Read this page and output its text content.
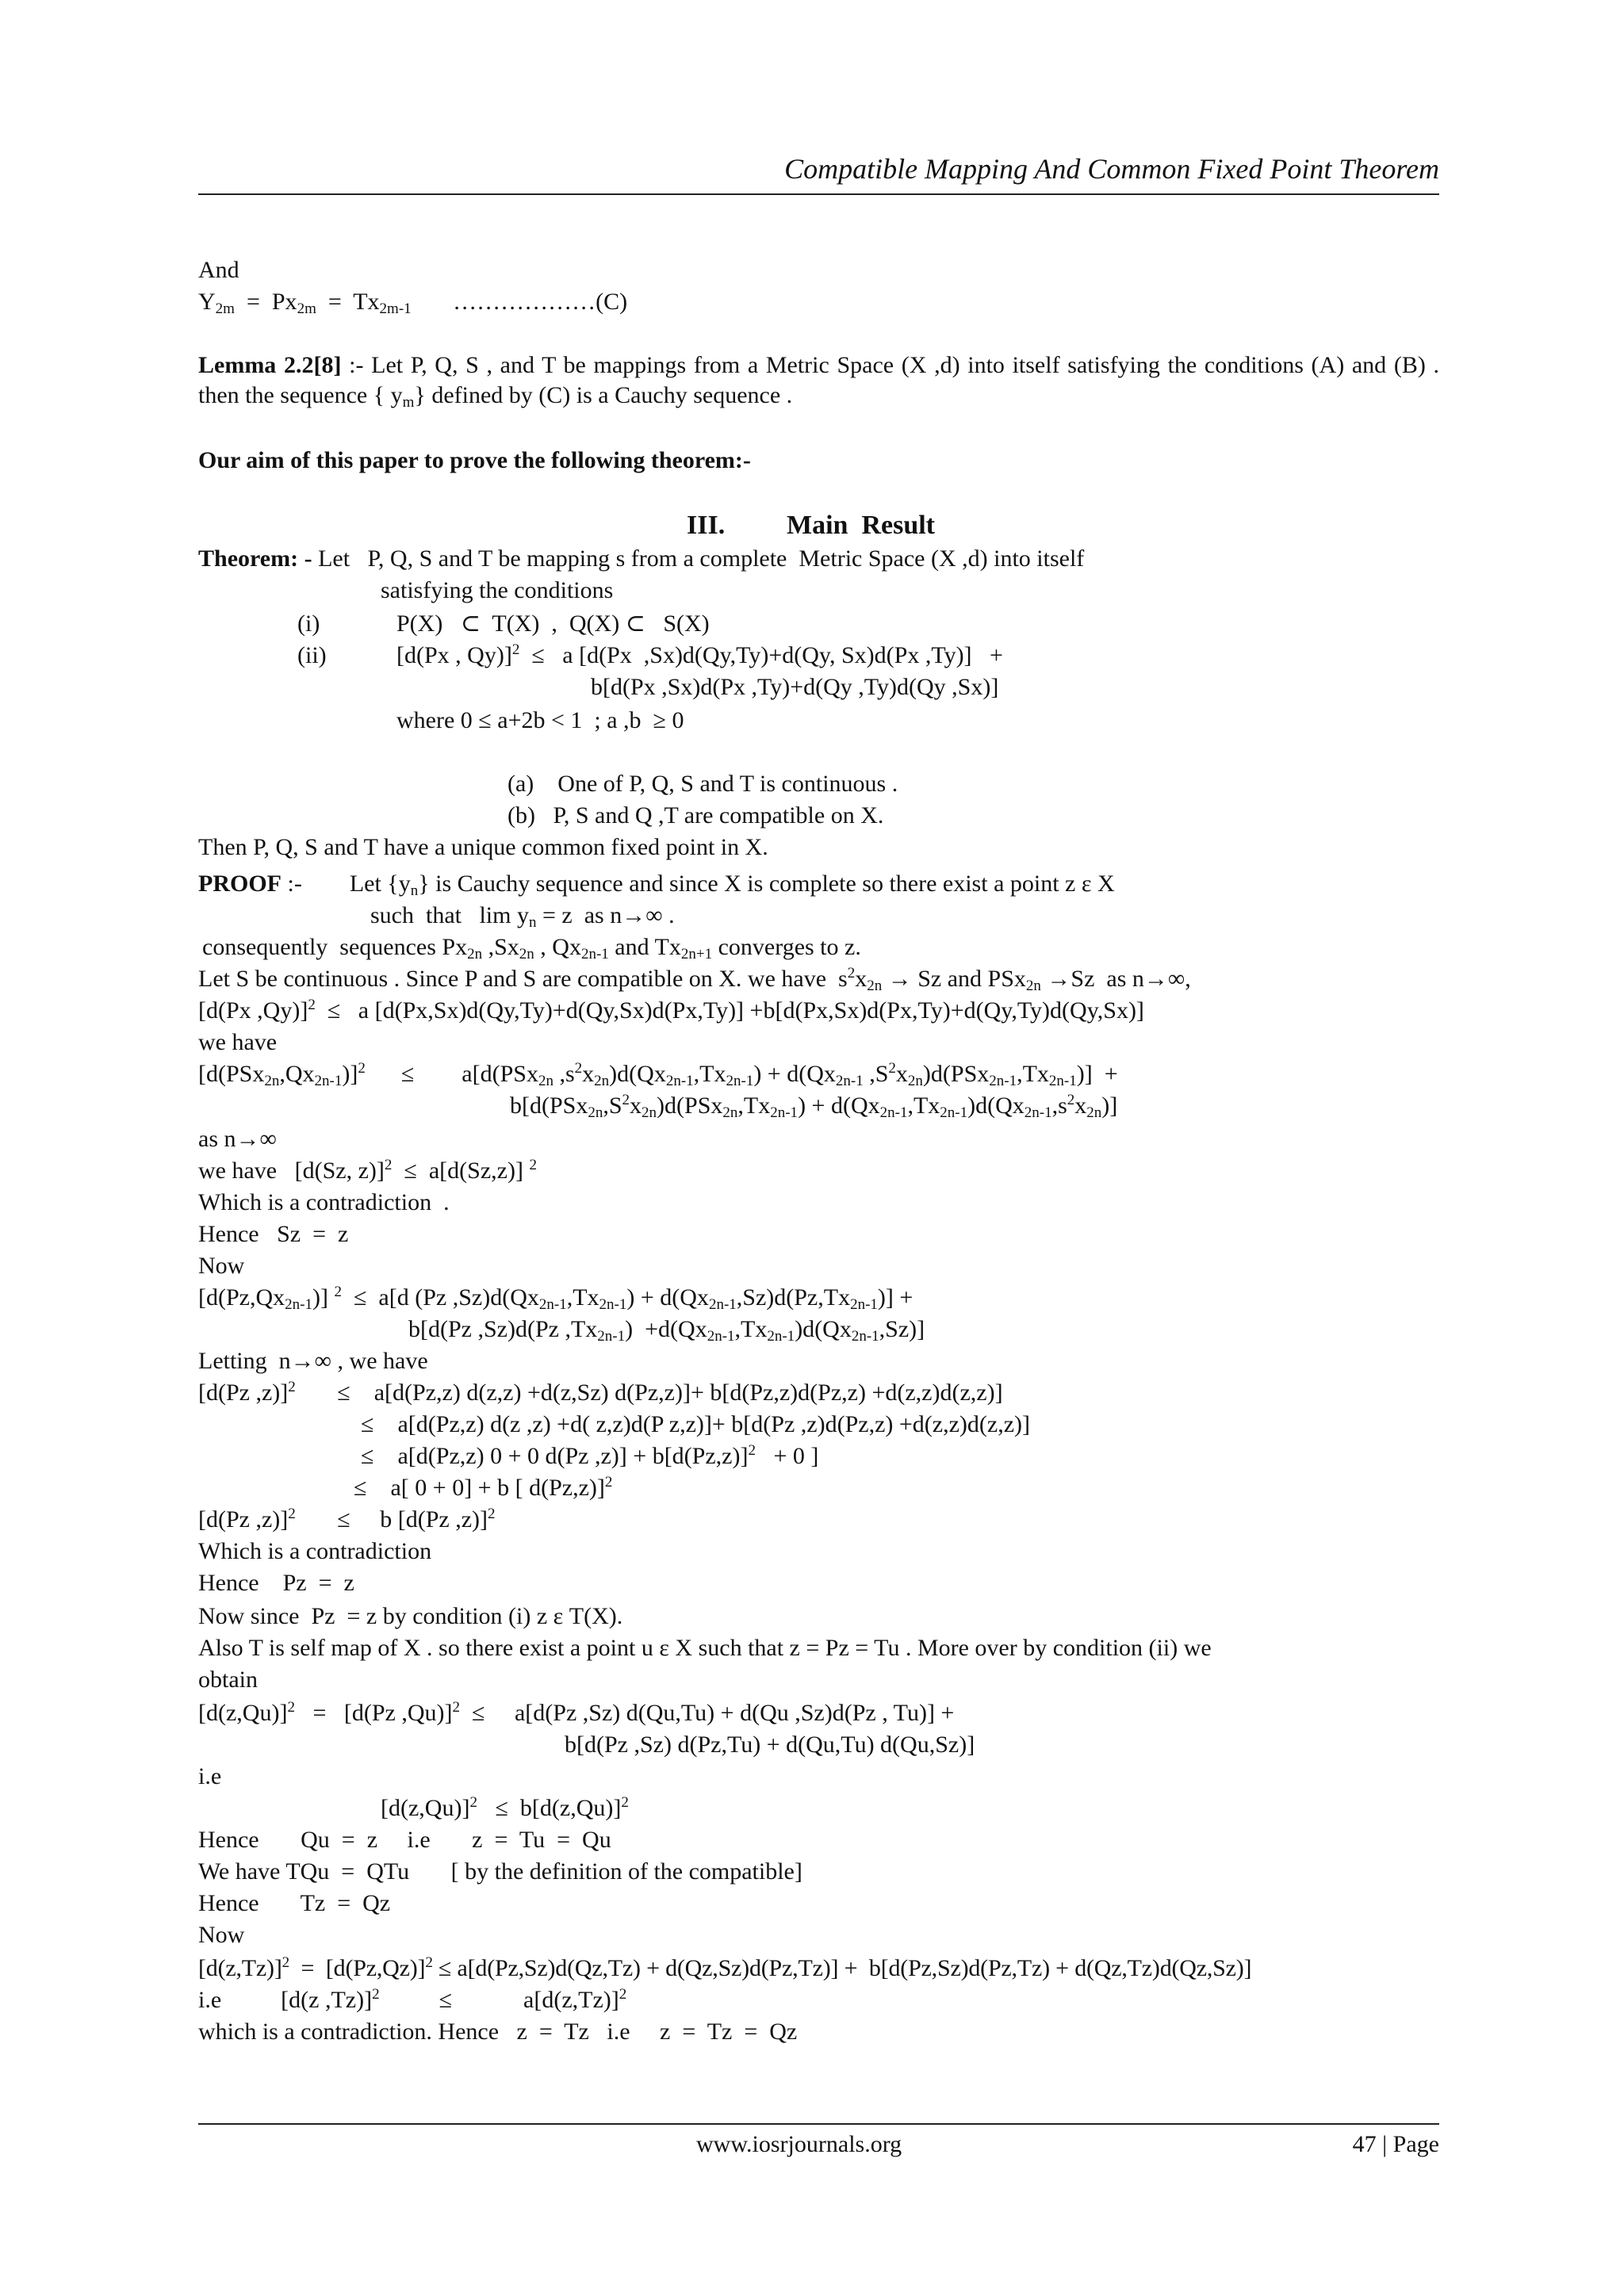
Compatible Mapping And Common Fixed Point Theorem
And
$Y_{2m} = Px_{2m} = Tx_{2m-1}$       ………………(C)
Lemma 2.2[8] :- Let P, Q, S , and T be mappings from a Metric Space (X ,d) into itself satisfying the conditions (A) and (B) . then the sequence { $y_m$} defined by (C) is a Cauchy sequence .
Our aim of this paper to prove the following theorem:-
III. Main  Result
Theorem: - Let   P, Q, S and T be mapping s from a complete  Metric Space (X ,d) into itself
satisfying the conditions
(i)	P(X)   ⊂  T(X)  ,  Q(X) ⊂   S(X)
(ii)	[d(Px , Qy)]$^2$  ≤   a [d(Px  ,Sx)d(Qy,Ty)+d(Qy, Sx)d(Px ,Ty)]   +
b[d(Px ,Sx)d(Px ,Ty)+d(Qy ,Ty)d(Qy ,Sx)]
where 0 ≤ a+2b < 1  ; a ,b  ≥ 0
(a)    One of P, Q, S and T is continuous .
(b)   P, S and Q ,T are compatible on X.
Then P, Q, S and T have a unique common fixed point in X.
PROOF :-        Let $\{y_n\}$ is Cauchy sequence and since X is complete so there exist a point z ε X
such  that   $\lim y_n = z$  as n→∞ .
consequently  sequences $Px_{2n}$ $,Sx_{2n}$ , $Qx_{2n-1}$ and $Tx_{2n+1}$ converges to z.
Let S be continuous . Since P and S are compatible on X. we have  $s^2x_{2n} \to Sz$ and PSx$_{2n}$ →Sz  as n→∞,
[d(Px ,Qy)]$^2$  ≤   a [d(Px,Sx)d(Qy,Ty)+d(Qy,Sx)d(Px,Ty)] +b[d(Px,Sx)d(Px,Ty)+d(Qy,Ty)d(Qy,Sx)]
we have
$[d(PSx_{2n},Qx_{2n-1})]^2$      ≤        a[d(PSx$_{2n}$ $,s^2x_{2n})d(Qx_{2n-1},Tx_{2n-1}) + d(Qx_{2n-1}$ $,S^2x_{2n})d(PSx_{2n-1},Tx_{2n-1})$]  +
$b[d(PSx_{2n},S^2x_{2n})d(PSx_{2n},Tx_{2n-1}) + d(Qx_{2n-1},Tx_{2n-1})d(Qx_{2n-1},s^2x_{2n})]$
as n→∞
we have   [d(Sz, z)]$^2$  ≤  a[d(Sz,z)] $^2$
Which is a contradiction  .
Hence   Sz  =  z
Now
$[d(Pz,Qx_{2n-1})] ^2 \le a[d$ (Pz $,Sz)d(Qx_{2n-1},Tx_{2n-1}) + d(Qx_{2n-1},Sz)d(Pz,Tx_{2n-1})$] +
b[d(Pz ,Sz)d(Pz $,Tx_{2n-1}) +d(Qx_{2n-1},Tx_{2n-1})d(Qx_{2n-1},Sz)$]
Letting  n→∞ , we have
[d(Pz ,z)]$^2$       ≤    a[d(Pz,z) d(z,z) +d(z,Sz) d(Pz,z)]+ b[d(Pz,z)d(Pz,z) +d(z,z)d(z,z)]
≤    a[d(Pz,z) d(z ,z) +d( z,z)d(P z,z)]+ b[d(Pz ,z)d(Pz,z) +d(z,z)d(z,z)]
≤    a[d(Pz,z) 0 + 0 d(Pz $,z)] + b[d(Pz,z)]^2 + 0$ ]
≤    a[ 0 + 0] + b [ d(Pz,z)]$^2$
[d(Pz ,z)]$^2$       ≤     b [d(Pz ,z)]$^2$
Which is a contradiction
Hence    Pz  =  z
Now since  Pz  = z by condition (i) z ε T(X).
Also T is self map of X . so there exist a point u ε X such that z = Pz = Tu . More over by condition (ii) we
obtain
$[d(z,Qu)]^2 = [d(Pz$ ,Qu)]$^2$  ≤     a[d(Pz ,Sz) d(Qu,Tu) + d(Qu ,Sz)d(Pz , Tu)] +
b[d(Pz ,Sz) d(Pz,Tu) + d(Qu,Tu) d(Qu,Sz)]
i.e
$[d(z,Qu)]^2 \le b[d(z,Qu)]^2$
Hence       Qu  =  z     i.e       z  =  Tu  =  Qu
We have TQu  =  QTu       [ by the definition of the compatible]
Hence       Tz  =  Qz
Now
$[d(z,Tz)]^2 = [d(Pz,Qz)]^2 \le a[d(Pz,Sz)d(Qz,Tz) + d(Qz,Sz)d(Pz,Tz)] + b[d(Pz,Sz)d(Pz,Tz) + d(Qz,Tz)d(Qz,Sz)]$
i.e          [d(z ,Tz)]$^2$          ≤            $a[d(z,Tz)]^2$
which is a contradiction. Hence   z  =  Tz   i.e     z  =  Tz  =  Qz
www.iosrjournals.org	47 | Page
